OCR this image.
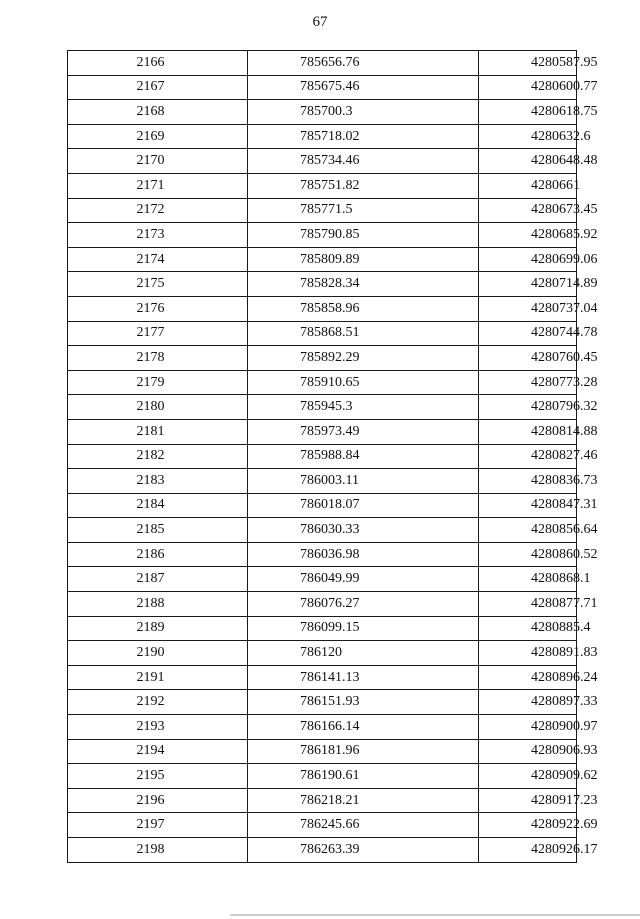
67
2166	785656.76	4280587.95
2167	785675.46	4280600.77
2168	785700.3	4280618.75
2169	785718.02	4280632.6
2170	785734.46	4280648.48
2171	785751.82	4280661
2172	785771.5	4280673.45
2173	785790.85	4280685.92
2174	785809.89	4280699.06
2175	785828.34	4280714.89
2176	785858.96	4280737.04
2177	785868.51	4280744.78
2178	785892.29	4280760.45
2179	785910.65	4280773.28
2180	785945.3	4280796.32
2181	785973.49	4280814.88
2182	785988.84	4280827.46
2183	786003.11	4280836.73
2184	786018.07	4280847.31
2185	786030.33	4280856.64
2186	786036.98	4280860.52
2187	786049.99	4280868.1
2188	786076.27	4280877.71
2189	786099.15	4280885.4
2190	786120	4280891.83
2191	786141.13	4280896.24
2192	786151.93	4280897.33
2193	786166.14	4280900.97
2194	786181.96	4280906.93
2195	786190.61	4280909.62
2196	786218.21	4280917.23
2197	786245.66	4280922.69
2198	786263.39	4280926.17
